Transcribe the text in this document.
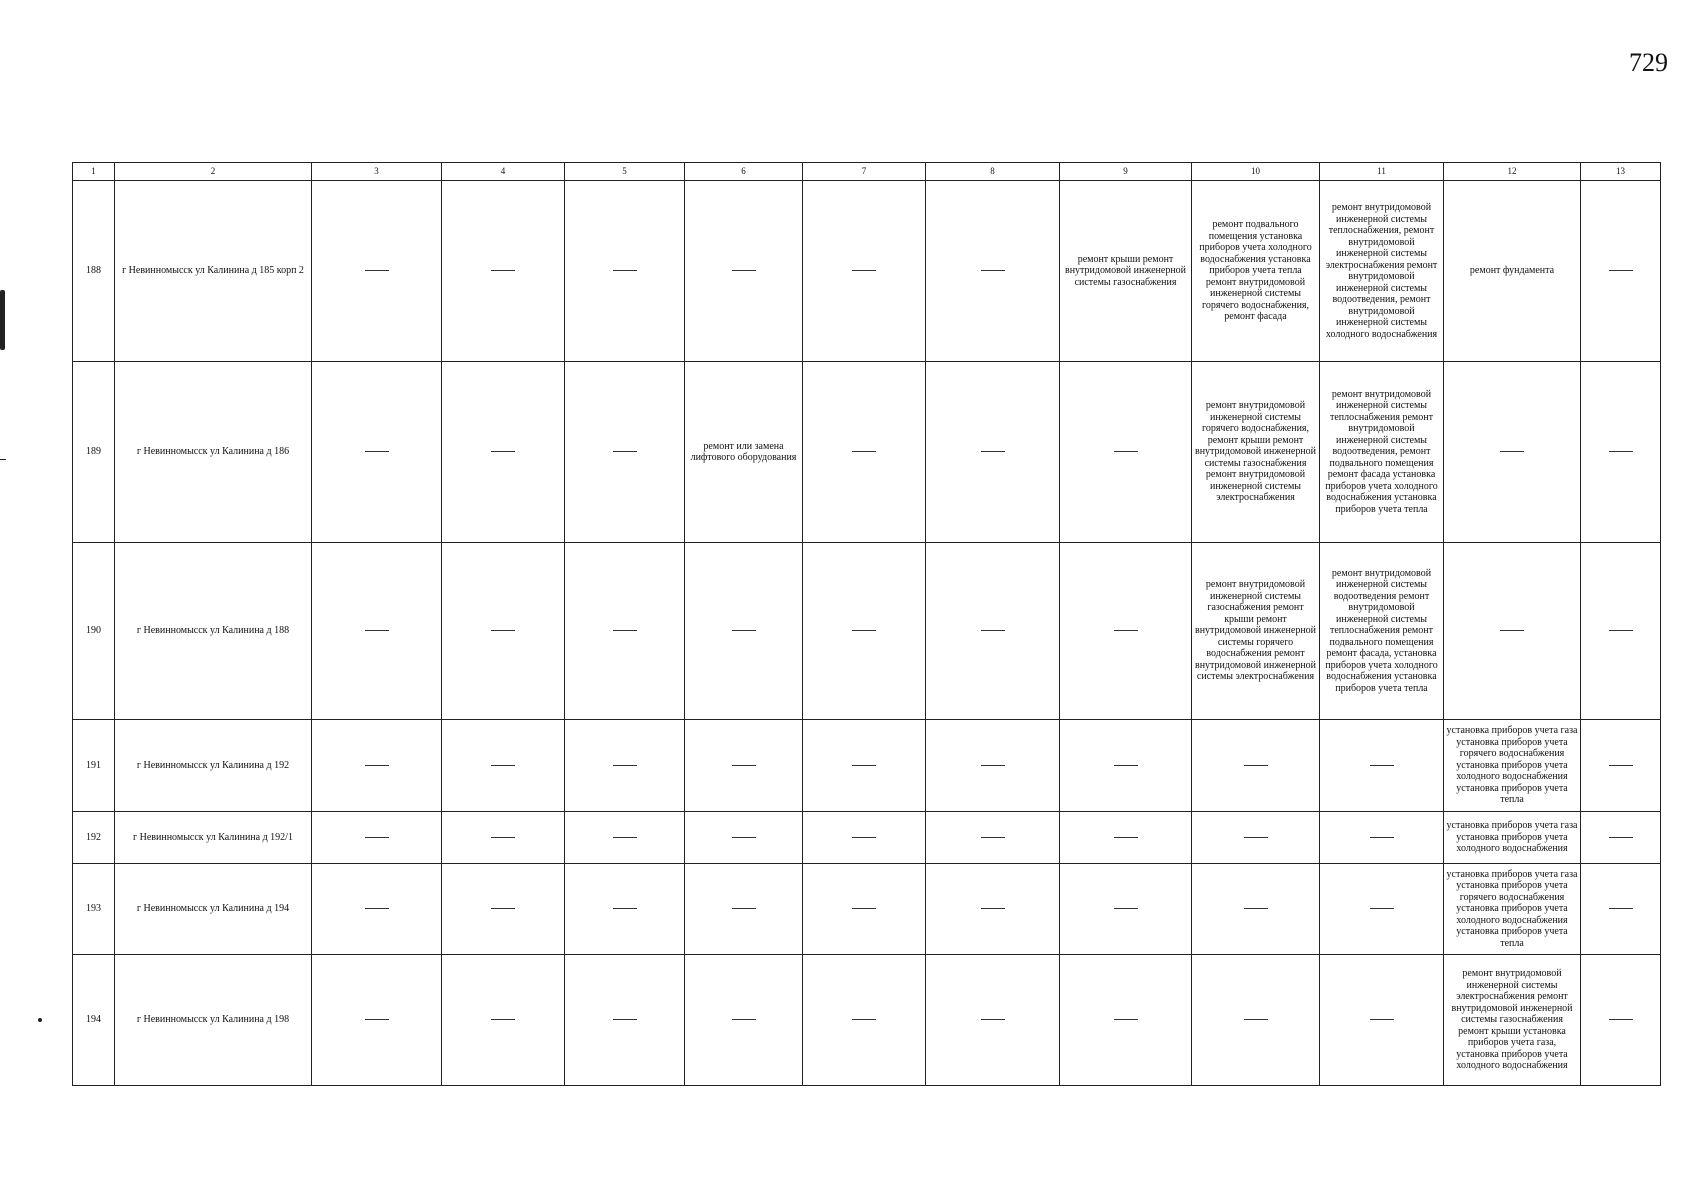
729
1	2	3	4	5	6	7	8	9	10	11	12	13
188	г Невинномысск ул Калинина д 185 корп 2							ремонт крыши ремонт внутридомовой инженерной системы газоснабжения	ремонт подвального помещения установка приборов учета холодного водоснабжения установка приборов учета тепла ремонт внутридомовой инженерной системы горячего водоснабжения, ремонт фасада	ремонт внутридомовой инженерной системы теплоснабжения, ремонт внутридомовой инженерной системы электроснабжения ремонт внутридомовой инженерной системы водоотведения, ремонт внутридомовой инженерной системы холодного водоснабжения	ремонт фундамента	
189	г Невинномысск ул Калинина д 186				ремонт или замена лифтового оборудования				ремонт внутридомовой инженерной системы горячего водоснабжения, ремонт крыши ремонт внутридомовой инженерной системы газоснабжения ремонт внутридомовой инженерной системы электроснабжения	ремонт внутридомовой инженерной системы теплоснабжения ремонт внутридомовой инженерной системы водоотведения, ремонт подвального помещения ремонт фасада установка приборов учета холодного водоснабжения установка приборов учета тепла		
190	г Невинномысск ул Калинина д 188								ремонт внутридомовой инженерной системы газоснабжения ремонт крыши ремонт внутридомовой инженерной системы горячего водоснабжения ремонт внутридомовой инженерной системы электроснабжения	ремонт внутридомовой инженерной системы водоотведения ремонт внутридомовой инженерной системы теплоснабжения ремонт подвального помещения ремонт фасада, установка приборов учета холодного водоснабжения установка приборов учета тепла		
191	г Невинномысск ул Калинина д 192										установка приборов учета газа установка приборов учета горячего водоснабжения установка приборов учета холодного водоснабжения установка приборов учета тепла	
192	г Невинномысск ул Калинина д 192/1										установка приборов учета газа установка приборов учета холодного водоснабжения	
193	г Невинномысск ул Калинина д 194										установка приборов учета газа установка приборов учета горячего водоснабжения установка приборов учета холодного водоснабжения установка приборов учета тепла	
194	г Невинномысск ул Калинина д 198										ремонт внутридомовой инженерной системы электроснабжения ремонт внутридомовой инженерной системы газоснабжения ремонт крыши установка приборов учета газа, установка приборов учета холодного водоснабжения	
